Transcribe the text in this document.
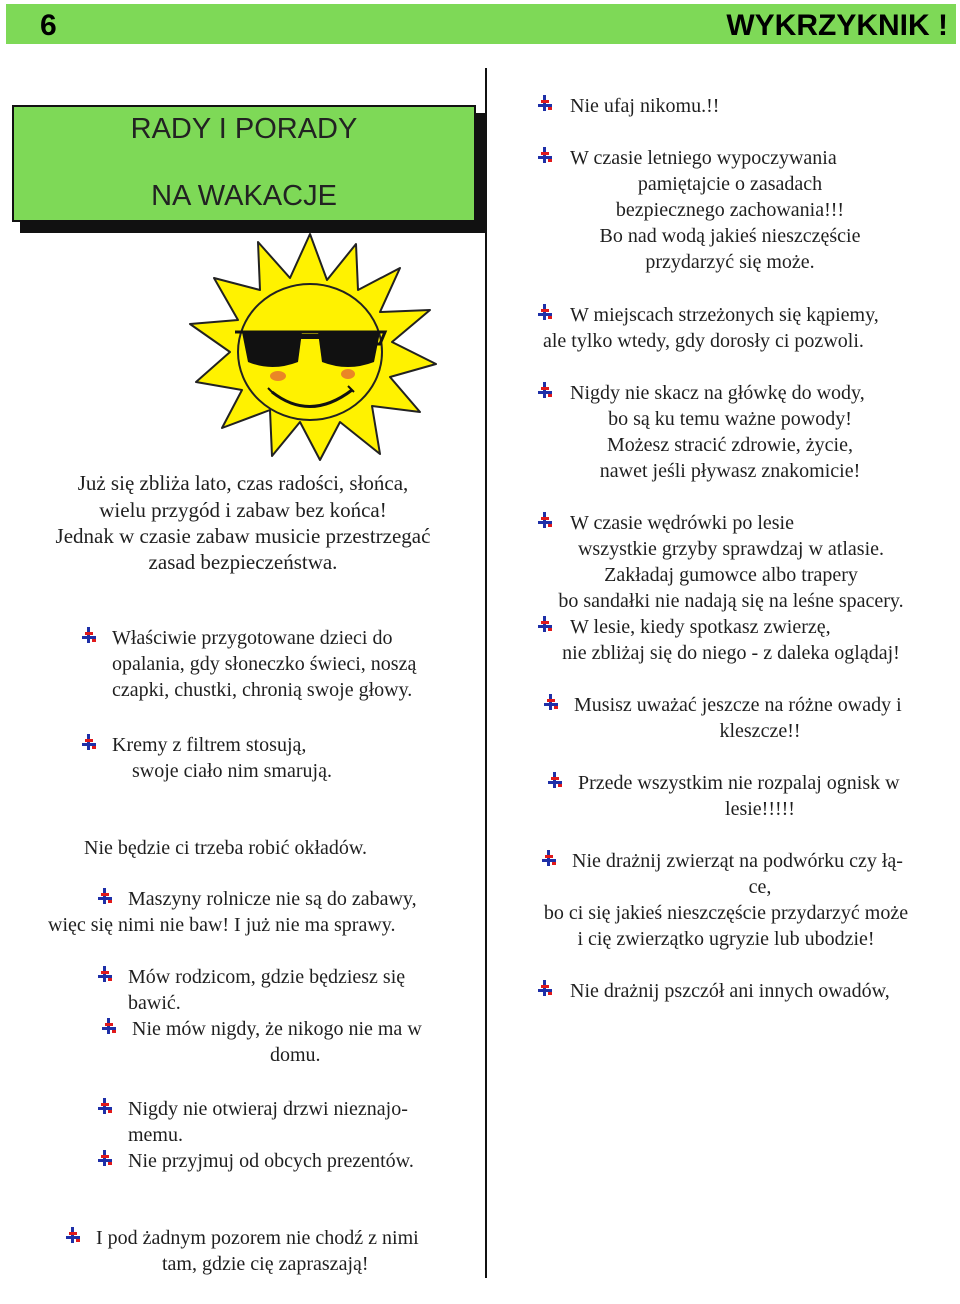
6	WYKRZYKNIK !
RADY I PORADY
NA WAKACJE
Już się zbliża lato, czas radości, słońca,
wielu przygód i zabaw bez końca!
Jednak w czasie zabaw musicie przestrzegać
zasad bezpieczeństwa.
Właściwie przygotowane dzieci do
opalania, gdy słoneczko świeci, noszą
czapki, chustki, chronią swoje głowy.
Kremy z filtrem stosują,
swoje ciało nim smarują.
Nie będzie ci trzeba robić okładów.
Maszyny rolnicze nie są do zabawy,
więc się nimi nie baw! I już nie ma sprawy.
Mów rodzicom, gdzie będziesz się
bawić.
Nie mów nigdy, że nikogo nie ma w
domu.
Nigdy nie otwieraj drzwi nieznajo-
memu.
Nie przyjmuj od obcych prezentów.
I pod żadnym pozorem nie chodź z nimi
tam, gdzie cię zapraszają!
Nie ufaj nikomu.!!
W czasie letniego wypoczywania
pamiętajcie o zasadach
bezpiecznego zachowania!!!
Bo nad wodą jakieś nieszczęście
przydarzyć się może.
W miejscach strzeżonych się kąpiemy,
ale tylko wtedy, gdy dorosły ci pozwoli.
Nigdy nie skacz na główkę do wody,
bo są ku temu ważne powody!
Możesz stracić zdrowie, życie,
nawet jeśli pływasz znakomicie!
W czasie wędrówki po lesie
wszystkie grzyby sprawdzaj w atlasie.
Zakładaj gumowce albo trapery
bo sandałki nie nadają się na leśne spacery.
W lesie, kiedy spotkasz zwierzę,
nie zbliżaj się do niego - z daleka oglądaj!
Musisz uważać jeszcze na różne owady i
kleszcze!!
Przede wszystkim nie rozpalaj ognisk w
lesie!!!!!
Nie drażnij zwierząt na podwórku czy łą-
ce,
bo ci się jakieś nieszczęście przydarzyć może
i cię zwierzątko ugryzie lub ubodzie!
Nie drażnij pszczół ani innych owadów,
